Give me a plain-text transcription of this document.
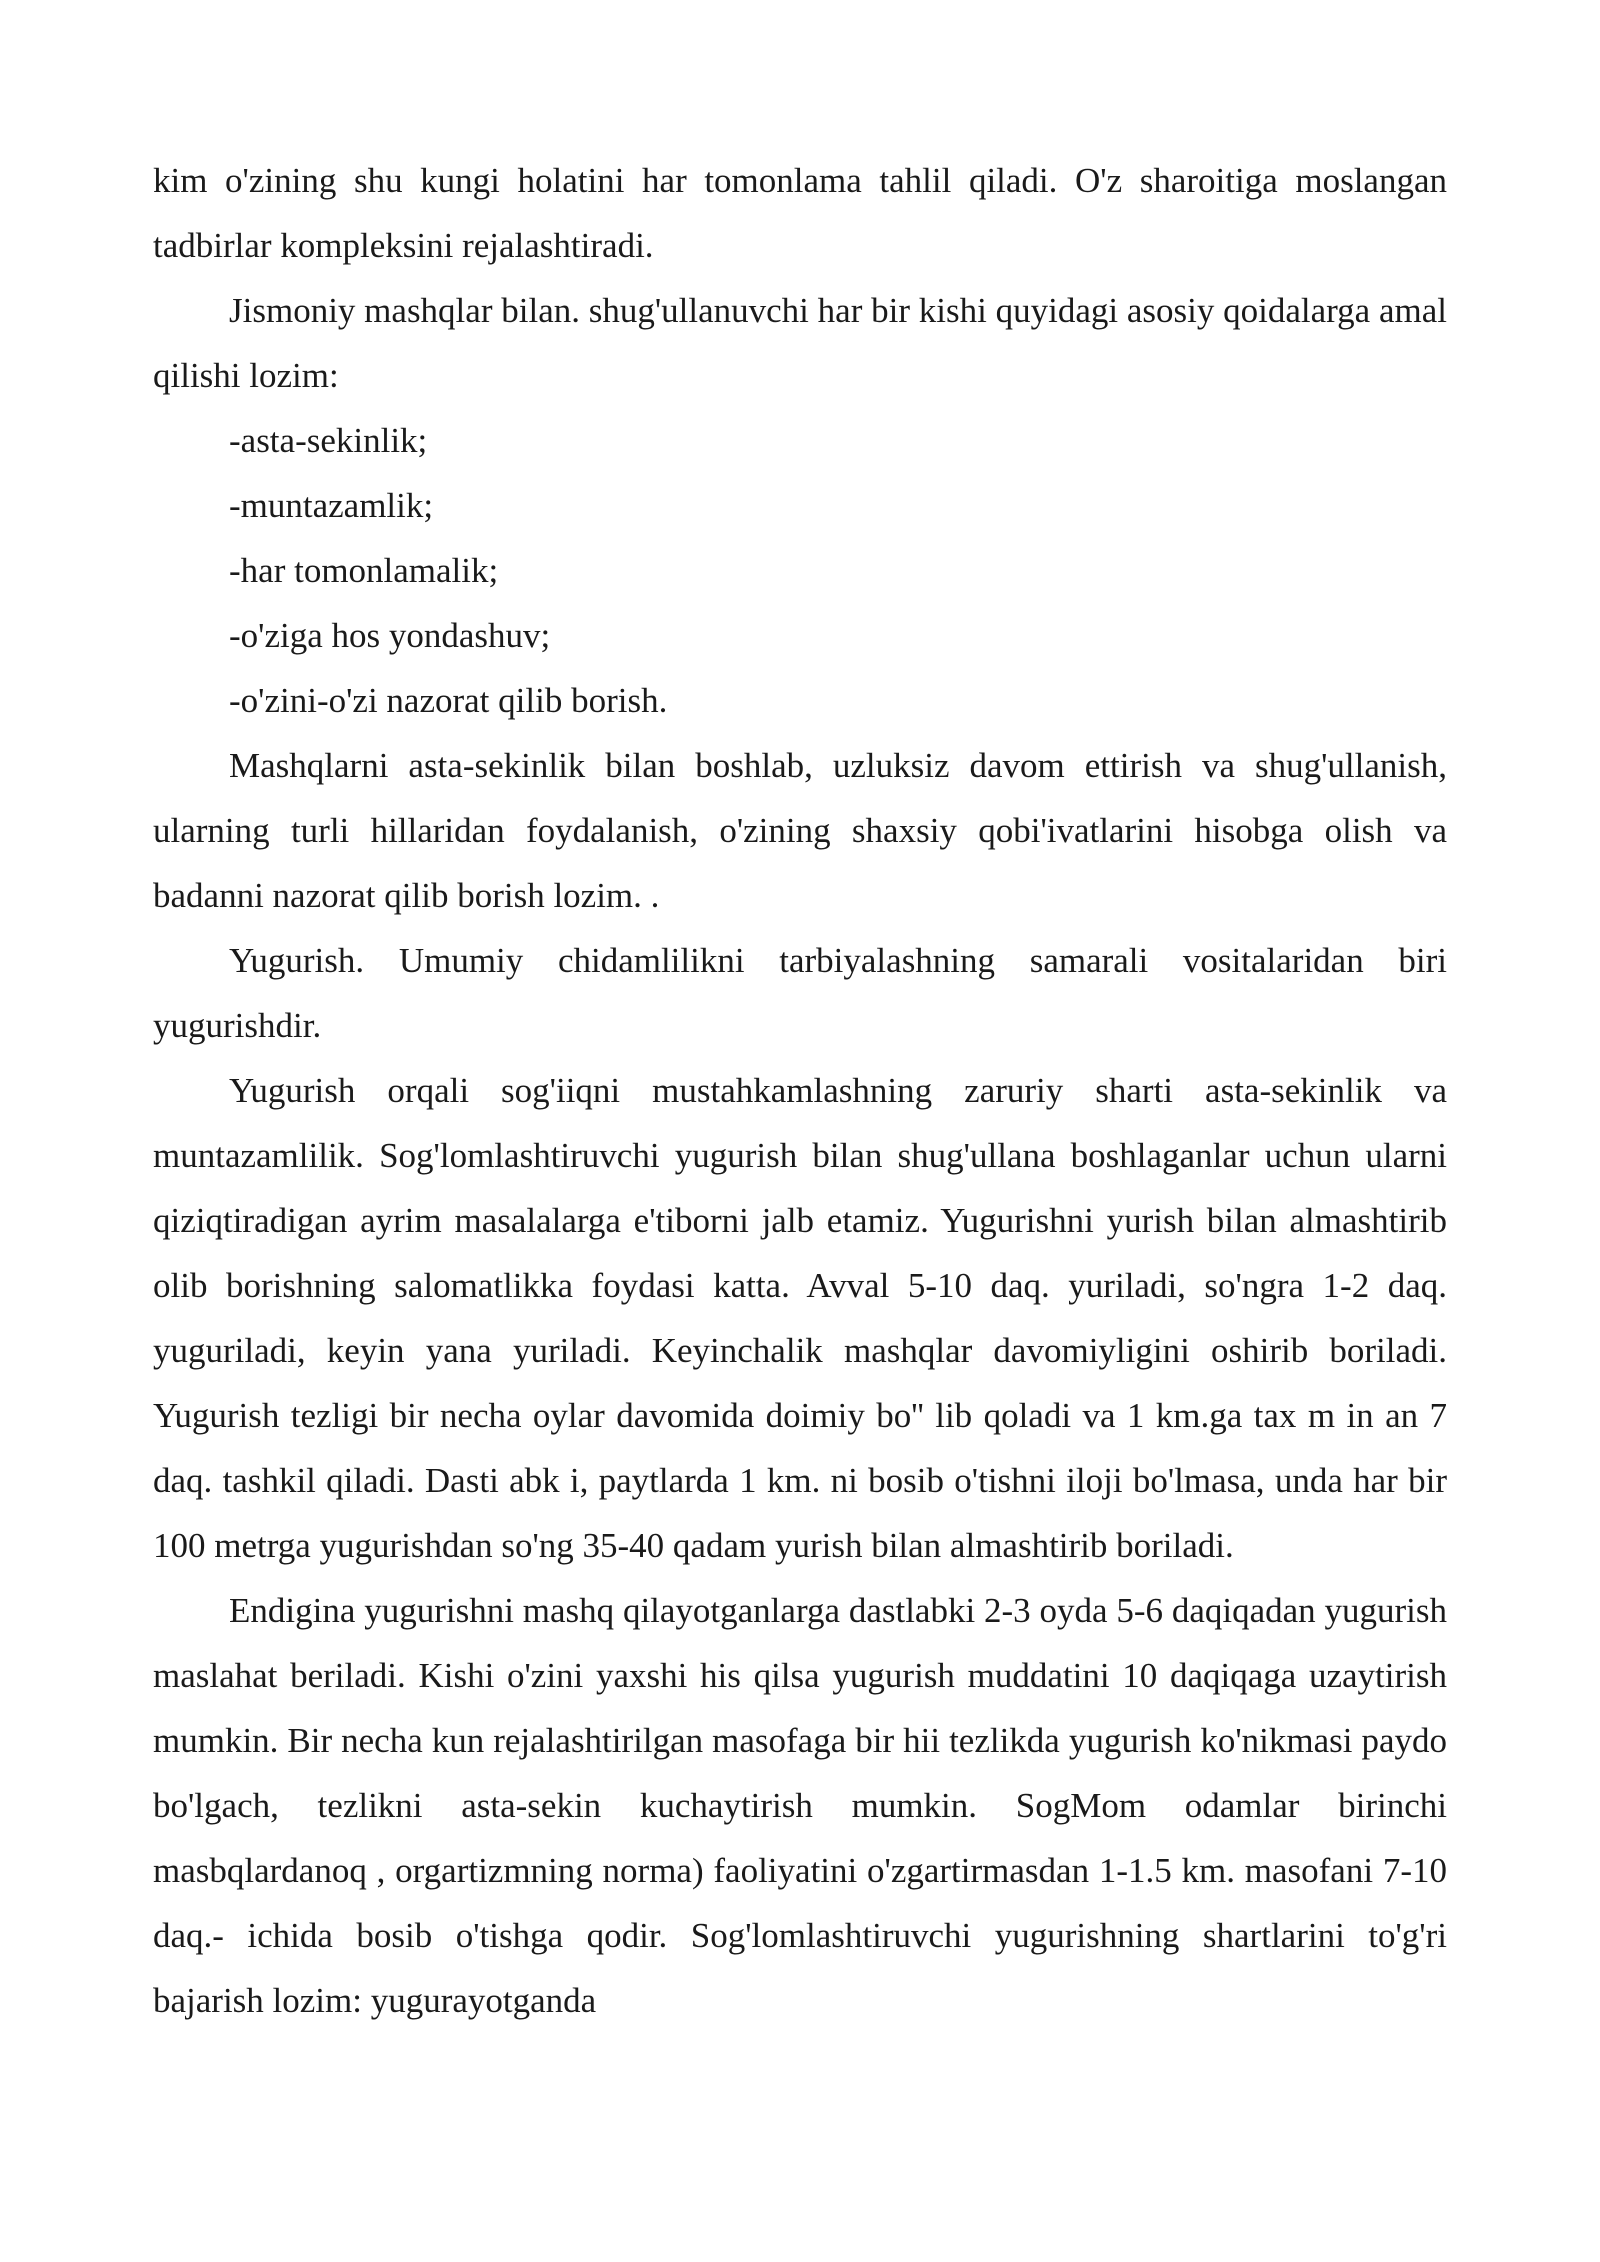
kim o'zining shu kungi holatini har tomonlama tahlil qiladi. O'z sharoitiga moslangan tadbirlar kompleksini rejalashtiradi.

Jismoniy mashqlar bilan. shug'ullanuvchi har bir kishi quyidagi asosiy qoidalarga amal qilishi lozim:

-asta-sekinlik;

-muntazamlik;

-har tomonlamalik;

-o'ziga hos yondashuv;

-o'zini-o'zi nazorat qilib borish.

Mashqlarni asta-sekinlik bilan boshlab, uzluksiz davom ettirish va shug'ullanish, ularning turli hillaridan foydalanish, o'zining shaxsiy qobi'ivatlarini hisobga olish va badanni nazorat qilib borish lozim. .

Yugurish. Umumiy chidamlilikni tarbiyalashning samarali vositalaridan biri yugurishdir.

Yugurish orqali sog'iiqni mustahkamlashning zaruriy sharti asta-sekinlik va muntazamlilik. Sog'lomlashtiruvchi yugurish bilan shug'ullana boshlaganlar uchun ularni qiziqtiradigan ayrim masalalarga e'tiborni jalb etamiz. Yugurishni yurish bilan almashtirib olib borishning salomatlikka foydasi katta. Avval 5-10 daq. yuriladi, so'ngra 1-2 daq. yuguriladi, keyin yana yuriladi. Keyinchalik mashqlar davomiyligini oshirib boriladi. Yugurish tezligi bir necha oylar davomida doimiy bo'' lib qoladi va 1 km.ga tax m in an 7 daq. tashkil qiladi. Dasti abk i, paytlarda 1 km. ni bosib o'tishni iloji bo'lmasa, unda har bir 100 metrga yugurishdan so'ng 35-40 qadam yurish bilan almashtirib boriladi.

Endigina yugurishni mashq qilayotganlarga dastlabki 2-3 oyda 5-6 daqiqadan yugurish maslahat beriladi. Kishi o'zini yaxshi his qilsa yugurish muddatini 10 daqiqaga uzaytirish mumkin. Bir necha kun rejalashtirilgan masofaga bir hii tezlikda yugurish ko'nikmasi paydo bo'lgach, tezlikni asta-sekin kuchaytirish mumkin. SogMom odamlar birinchi masbqlardanoq , orgartizmning norma) faoliyatini o'zgartirmasdan 1-1.5 km. masofani 7-10 daq.- ichida bosib o'tishga qodir. Sog'lomlashtiruvchi yugurishning shartlarini to'g'ri bajarish lozim: yugurayotganda
